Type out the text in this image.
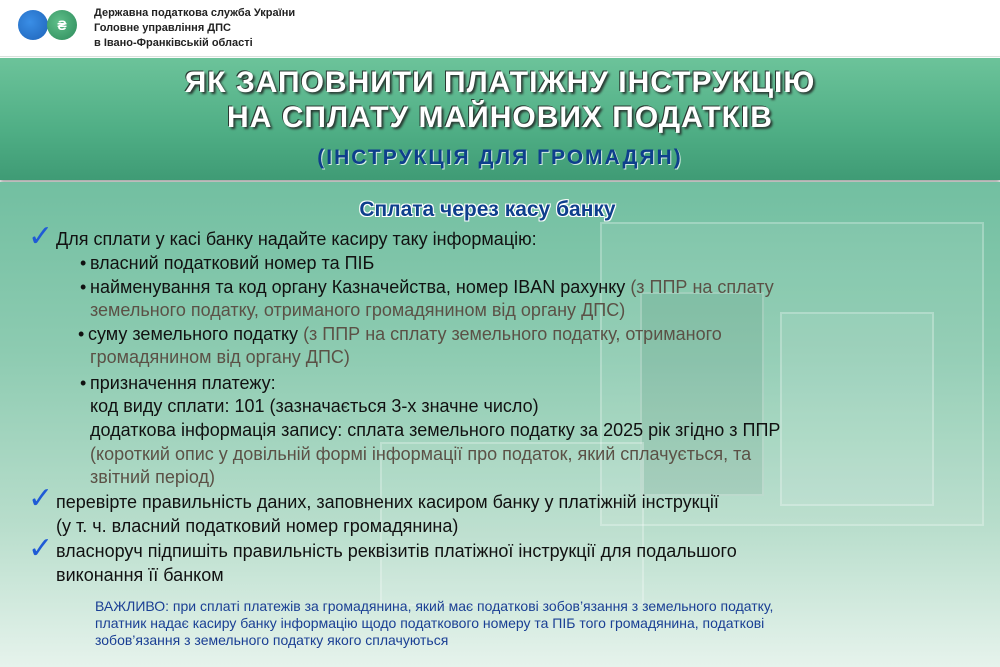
₴
Державна податкова служба України
Головне управління ДПС
в Івано-Франківській області
ЯК ЗАПОВНИТИ ПЛАТІЖНУ ІНСТРУКЦІЮ
НА СПЛАТУ МАЙНОВИХ ПОДАТКІВ
(ІНСТРУКЦІЯ ДЛЯ ГРОМАДЯН)
Сплата через касу банку
✓ Для сплати у касі банку надайте касиру таку інформацію:
• власний податковий номер та ПІБ
• найменування та код органу Казначейства, номер IBAN рахунку (з ППР на сплату
земельного податку, отриманого громадянином від органу ДПС)
• суму земельного податку (з ППР на сплату земельного податку, отриманого
громадянином від органу ДПС)
• призначення платежу:
код виду сплати: 101 (зазначається 3-х значне число)
додаткова інформація запису: сплата земельного податку за 2025 рік згідно з ППР
(короткий опис у довільній формі інформації про податок, який сплачується, та
звітний період)
✓ перевірте правильність даних, заповнених касиром банку у платіжній інструкції
(у т. ч. власний податковий номер громадянина)
✓ власноруч підпишіть правильність реквізитів платіжної інструкції для подальшого
виконання її банком
ВАЖЛИВО: при сплаті платежів за громадянина, який має податкові зобов’язання з земельного податку,
платник надає касиру банку інформацію щодо податкового номеру та ПІБ того громадянина, податкові
зобов’язання з земельного податку якого сплачуються
